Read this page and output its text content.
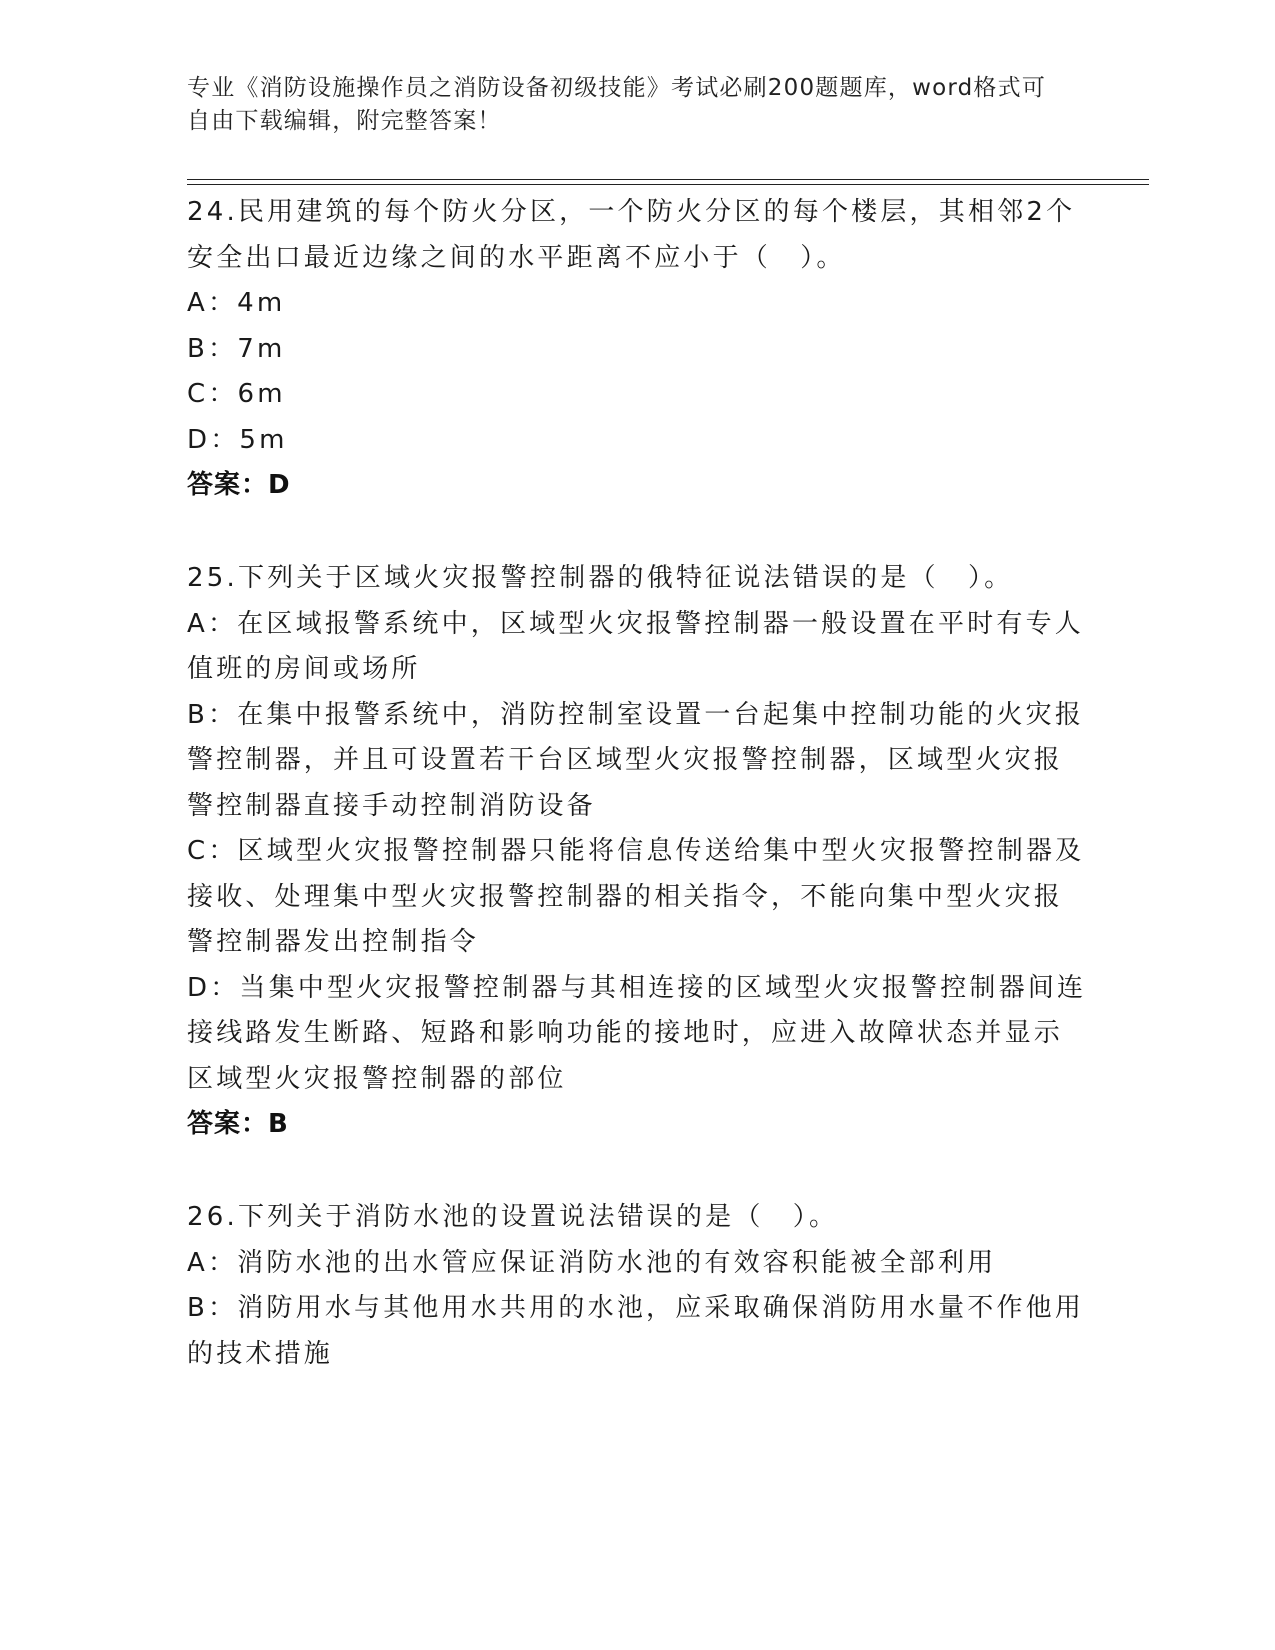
专业《消防设施操作员之消防设备初级技能》考试必刷200题题库，word格式可
自由下载编辑，附完整答案！

24.民用建筑的每个防火分区，一个防火分区的每个楼层，其相邻2个

安全出口最近边缘之间的水平距离不应小于（　）。

A：4m

B：7m

C：6m

D：5m

答案：D

25.下列关于区域火灾报警控制器的俄特征说法错误的是（　）。

A：在区域报警系统中，区域型火灾报警控制器一般设置在平时有专人

值班的房间或场所

B：在集中报警系统中，消防控制室设置一台起集中控制功能的火灾报

警控制器，并且可设置若干台区域型火灾报警控制器，区域型火灾报

警控制器直接手动控制消防设备

C：区域型火灾报警控制器只能将信息传送给集中型火灾报警控制器及

接收、处理集中型火灾报警控制器的相关指令，不能向集中型火灾报

警控制器发出控制指令

D：当集中型火灾报警控制器与其相连接的区域型火灾报警控制器间连

接线路发生断路、短路和影响功能的接地时，应进入故障状态并显示

区域型火灾报警控制器的部位

答案：B

26.下列关于消防水池的设置说法错误的是（　）。

A：消防水池的出水管应保证消防水池的有效容积能被全部利用

B：消防用水与其他用水共用的水池，应采取确保消防用水量不作他用

的技术措施
